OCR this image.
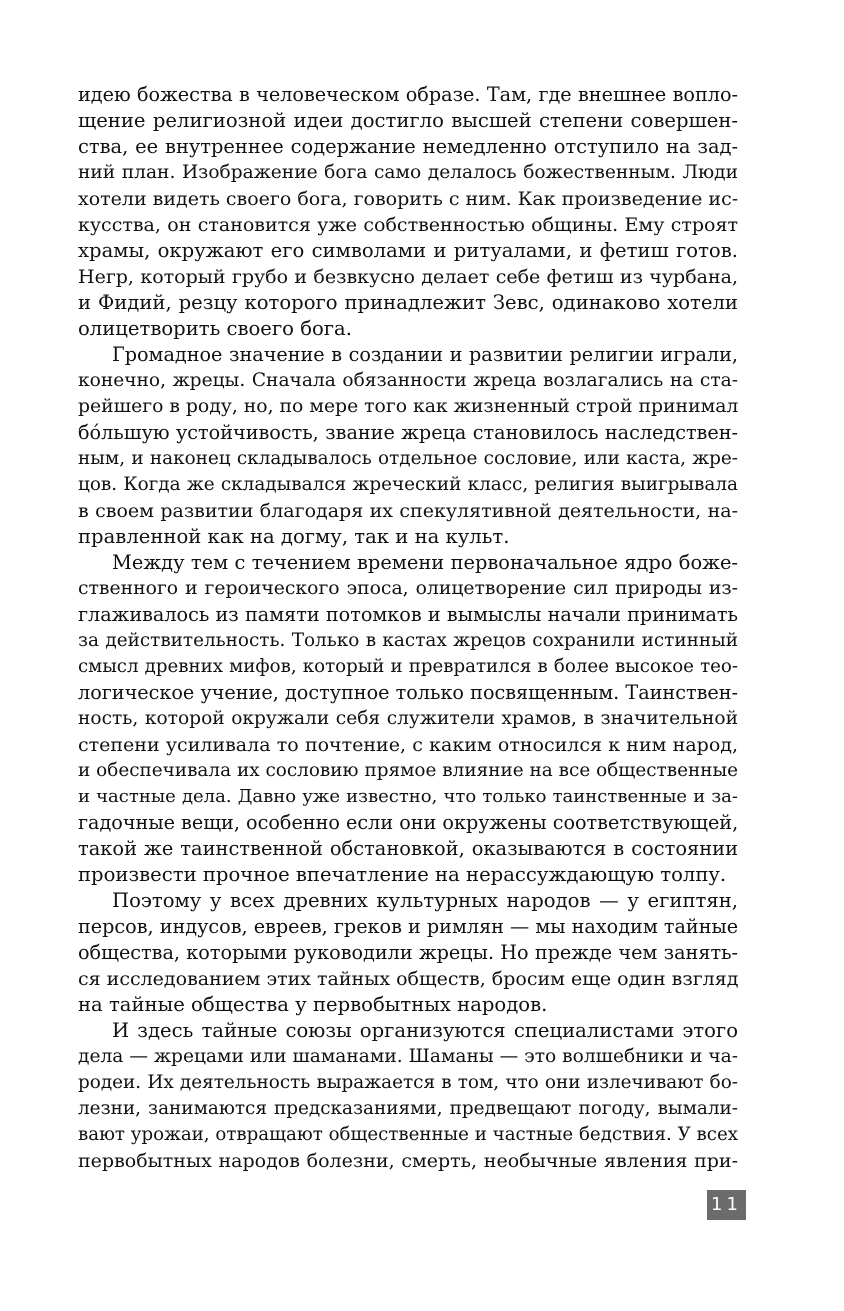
идею божества в человеческом образе. Там, где внешнее вопло-
щение религиозной идеи достигло высшей степени совершен-
ства, ее внутреннее содержание немедленно отступило на зад-
ний план. Изображение бога само делалось божественным. Люди
хотели видеть своего бога, говорить с ним. Как произведение ис-
кусства, он становится уже собственностью общины. Ему строят
храмы, окружают его символами и ритуалами, и фетиш готов.
Негр, который грубо и безвкусно делает себе фетиш из чурбана,
и Фидий, резцу которого принадлежит Зевс, одинаково хотели
олицетворить своего бога.
Громадное значение в создании и развитии религии играли,
конечно, жрецы. Сначала обязанности жреца возлагались на ста-
рейшего в роду, но, по мере того как жизненный строй принимал
бо́льшую устойчивость, звание жреца становилось наследствен-
ным, и наконец складывалось отдельное сословие, или каста, жре-
цов. Когда же складывался жреческий класс, религия выигрывала
в своем развитии благодаря их спекулятивной деятельности, на-
правленной как на догму, так и на культ.
Между тем с течением времени первоначальное ядро боже-
ственного и героического эпоса, олицетворение сил природы из-
глаживалось из памяти потомков и вымыслы начали принимать
за действительность. Только в кастах жрецов сохранили истинный
смысл древних мифов, который и превратился в более высокое тео-
логическое учение, доступное только посвященным. Таинствен-
ность, которой окружали себя служители храмов, в значительной
степени усиливала то почтение, с каким относился к ним народ,
и обеспечивала их сословию прямое влияние на все общественные
и частные дела. Давно уже известно, что только таинственные и за-
гадочные вещи, особенно если они окружены соответствующей,
такой же таинственной обстановкой, оказываются в состоянии
произвести прочное впечатление на нерассуждающую толпу.
Поэтому у всех древних культурных народов — у египтян,
персов, индусов, евреев, греков и римлян — мы находим тайные
общества, которыми руководили жрецы. Но прежде чем занять-
ся исследованием этих тайных обществ, бросим еще один взгляд
на тайные общества у первобытных народов.
И здесь тайные союзы организуются специалистами этого
дела — жрецами или шаманами. Шаманы — это волшебники и ча-
родеи. Их деятельность выражается в том, что они излечивают бо-
лезни, занимаются предсказаниями, предвещают погоду, вымали-
вают урожаи, отвращают общественные и частные бедствия. У всех
первобытных народов болезни, смерть, необычные явления при-
11
